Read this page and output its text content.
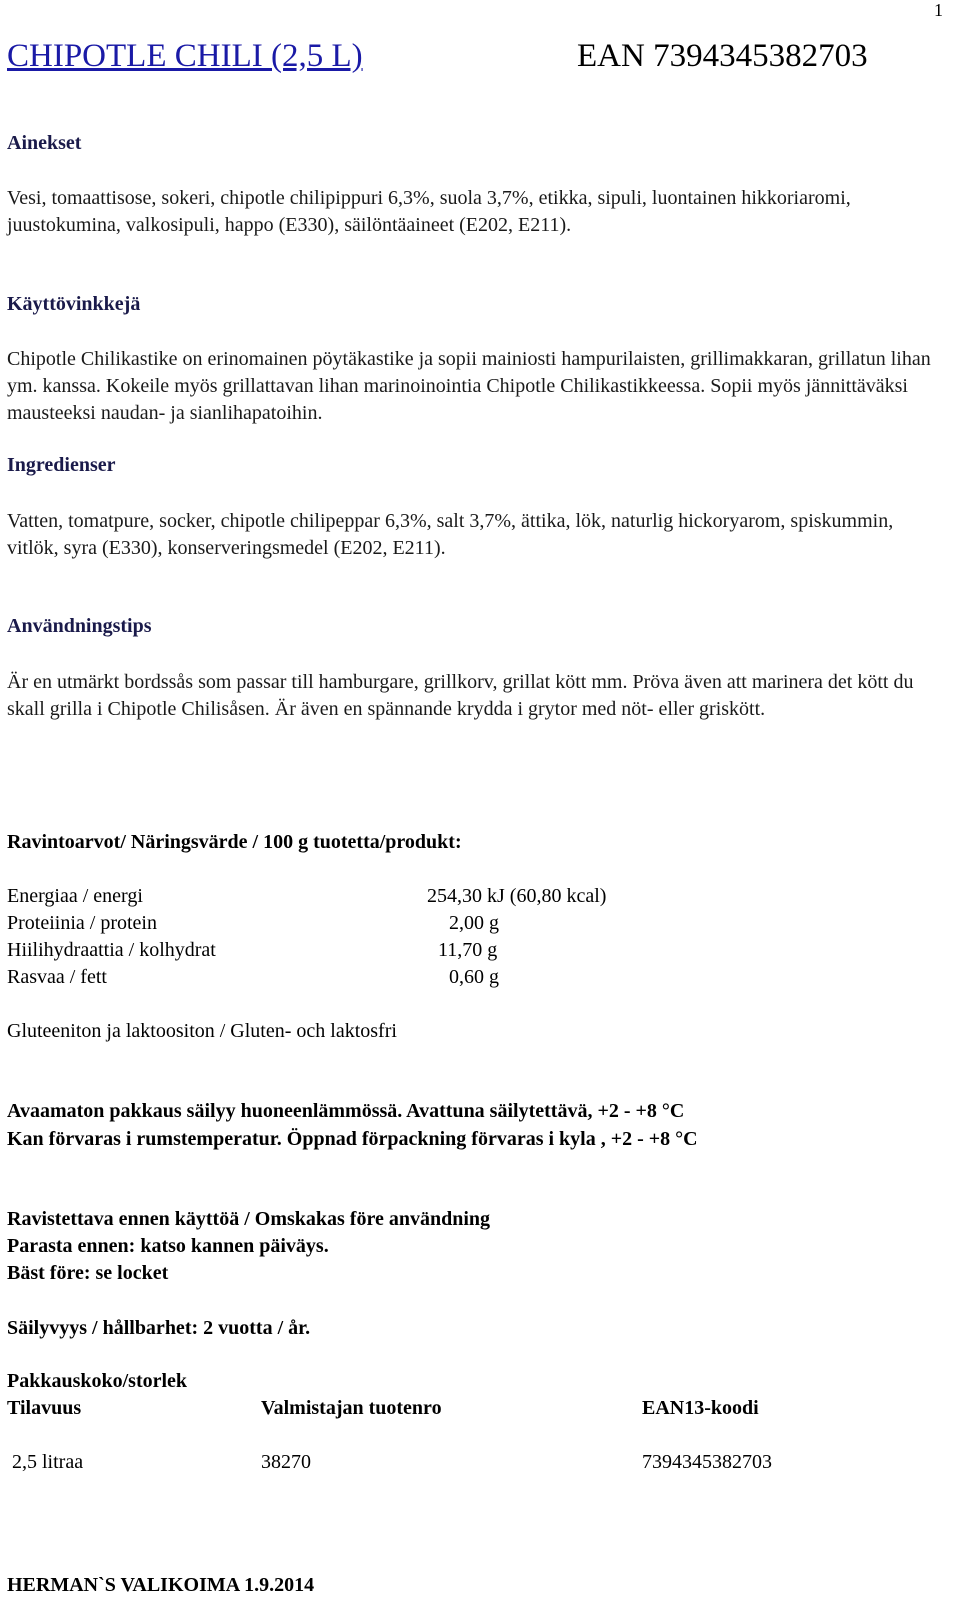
1
CHIPOTLE CHILI (2,5 L)	EAN 7394345382703
Ainekset
Vesi, tomaattisose, sokeri, chipotle chilipippuri 6,3%, suola 3,7%, etikka, sipuli, luontainen hikkoriaromi, juustokumina, valkosipuli, happo (E330), säilöntäaineet (E202, E211).
Käyttövinkkejä
Chipotle Chilikastike on erinomainen pöytäkastike ja sopii mainiosti hampurilaisten, grillimakkaran, grillatun lihan ym. kanssa. Kokeile myös grillattavan lihan marinoinointia Chipotle Chilikastikkeessa. Sopii myös jännittäväksi mausteeksi naudan- ja sianlihapatoihin.
Ingredienser
Vatten, tomatpure, socker, chipotle chilipeppar 6,3%, salt 3,7%, ättika, lök, naturlig hickoryarom, spiskummin, vitlök, syra (E330), konserveringsmedel (E202, E211).
Användningstips
Är en utmärkt bordssås som passar till hamburgare, grillkorv, grillat kött mm. Pröva även att marinera det kött du skall grilla i Chipotle Chilisåsen. Är även en spännande krydda i grytor med nöt- eller griskött.
Ravintoarvot/ Näringsvärde / 100 g tuotetta/produkt:
Energiaa / energi	254,30 kJ (60,80 kcal)
Proteiinia / protein	2,00 g
Hiilihydraattia / kolhydrat	11,70 g
Rasvaa / fett	0,60 g
Gluteeniton ja laktoositon / Gluten- och laktosfri
Avaamaton pakkaus säilyy huoneenlämmössä. Avattuna säilytettävä, +2 - +8 °C
Kan förvaras i rumstemperatur. Öppnad förpackning förvaras i kyla , +2 - +8 °C
Ravistettava ennen käyttöä / Omskakas före användning
Parasta ennen: katso kannen päiväys.
Bäst före: se locket
Säilyvyys / hållbarhet: 2 vuotta / år.
Pakkauskoko/storlek
Tilavuus	Valmistajan tuotenro	EAN13-koodi
2,5 litraa	38270	7394345382703
HERMAN`S VALIKOIMA 1.9.2014
